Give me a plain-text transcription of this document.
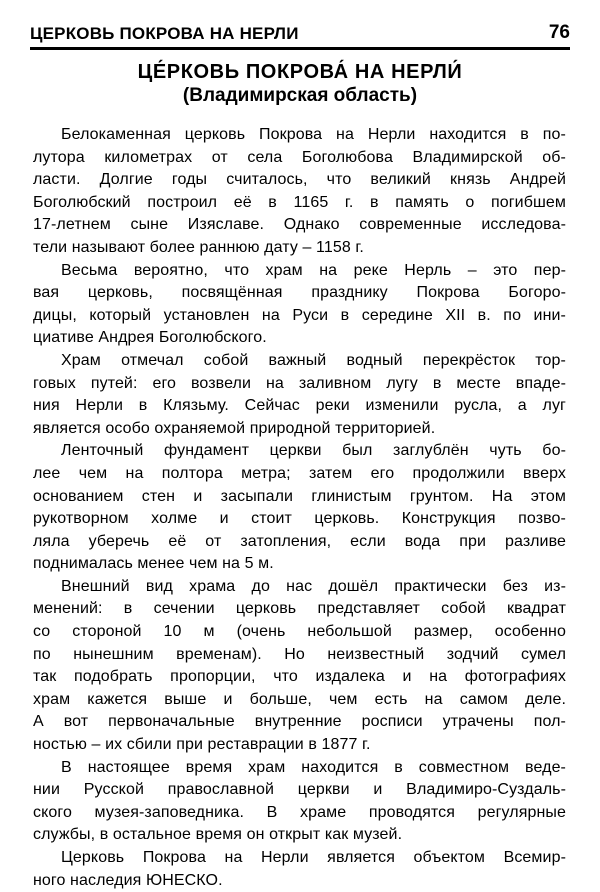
ЦЕРКОВЬ ПОКРОВА НА НЕРЛИ	76
ЦЕ́РКОВЬ ПОКРОВА́ НА НЕРЛИ́
(Владимирская область)

Белокаменная церковь Покрова на Нерли находится в по-
лутора километрах от села Боголюбова Владимирской об-
ласти. Долгие годы считалось, что великий князь Андрей
Боголюбский построил её в 1165 г. в память о погибшем
17-летнем сыне Изяславе. Однако современные исследова-
тели называют более раннюю дату – 1158 г.

Весьма вероятно, что храм на реке Нерль – это пер-
вая церковь, посвящённая празднику Покрова Богоро-
дицы, который установлен на Руси в середине XII в. по ини-
циативе Андрея Боголюбского.

Храм отмечал собой важный водный перекрёсток тор-
говых путей: его возвели на заливном лугу в месте впаде-
ния Нерли в Клязьму. Сейчас реки изменили русла, а луг
является особо охраняемой природной территорией.

Ленточный фундамент церкви был заглублён чуть бо-
лее чем на полтора метра; затем его продолжили вверх
основанием стен и засыпали глинистым грунтом. На этом
рукотворном холме и стоит церковь. Конструкция позво-
ляла уберечь её от затопления, если вода при разливе
поднималась менее чем на 5 м.

Внешний вид храма до нас дошёл практически без из-
менений: в сечении церковь представляет собой квадрат
со стороной 10 м (очень небольшой размер, особенно
по нынешним временам). Но неизвестный зодчий сумел
так подобрать пропорции, что издалека и на фотографиях
храм кажется выше и больше, чем есть на самом деле.
А вот первоначальные внутренние росписи утрачены пол-
ностью – их сбили при реставрации в 1877 г.

В настоящее время храм находится в совместном веде-
нии Русской православной церкви и Владимиро-Суздаль-
ского музея-заповедника. В храме проводятся регулярные
службы, в остальное время он открыт как музей.

Церковь Покрова на Нерли является объектом Всемир-
ного наследия ЮНЕСКО.
